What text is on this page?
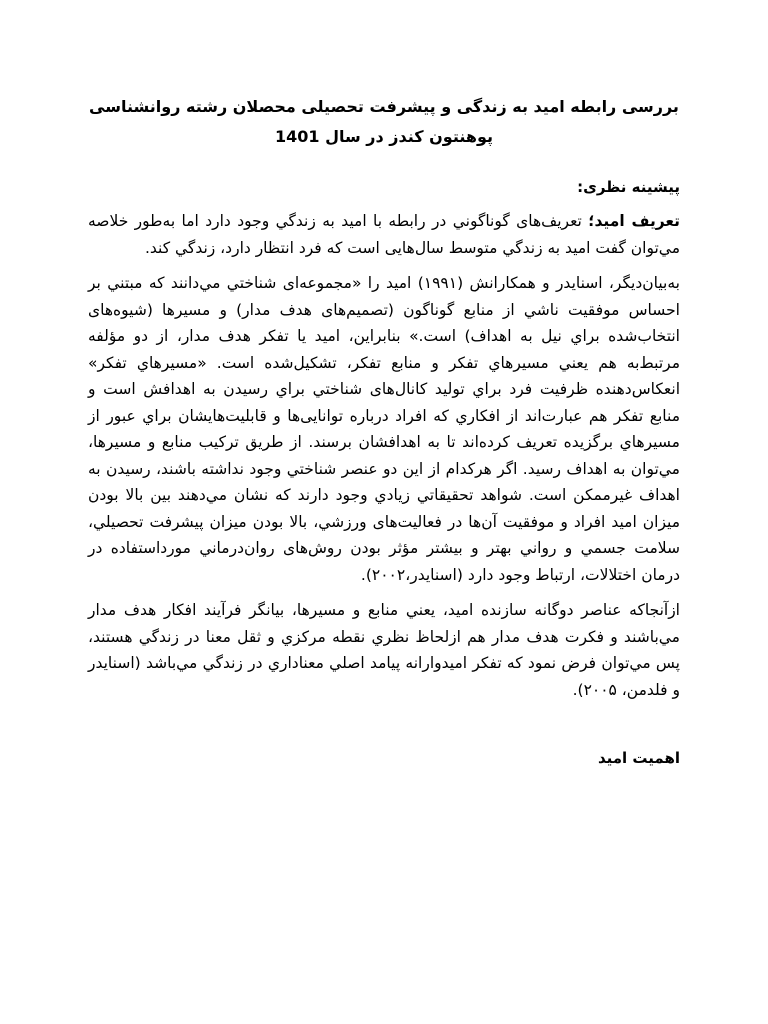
بررسی رابطه امید به زندگی و پیشرفت تحصیلی محصلان رشته روانشناسی پوهنتون کندز در سال 1401
پیشینه نظری:

تعریف امید؛ تعریف‌های گوناگوني در رابطه با امید به زندگي وجود دارد اما به‌طور خلاصه مي‌توان گفت امید به زندگي متوسط سال‌هایی است که فرد انتظار دارد، زندگي کند.

به‌بیان‌دیگر، اسنایدر و همکارانش (۱۹۹۱) امید را «مجموعه‌ای شناختي مي‌دانند که مبتني بر احساس موفقیت ناشي از منابع گوناگون (تصمیم‌های هدف مدار) و مسیرها (شیوه‌های انتخاب‌شده براي نیل به اهداف) است.» بنابراین، امید یا تفکر هدف مدار، از دو مؤلفه مرتبط‌به هم یعني مسیرهاي تفکر و منابع تفکر، تشکیل‌شده است. «مسیرهاي تفکر» انعکاس‌دهنده ظرفیت فرد براي تولید کانال‌های شناختي براي رسیدن به اهدافش است و منابع تفکر هم عبارت‌اند از افکاري که افراد درباره توانایی‌ها و قابلیت‌هایشان براي عبور از مسیرهاي برگزیده تعریف کرده‌اند تا به اهدافشان برسند. از طریق ترکیب منابع و مسیرها، مي‌توان به اهداف رسید. اگر هرکدام از این دو عنصر شناختي وجود نداشته باشند، رسیدن به اهداف غیرممکن است. شواهد تحقیقاتي زیادي وجود دارند که نشان مي‌دهند بین بالا بودن میزان امید افراد و موفقیت آن‌ها در فعالیت‌های ورزشي، بالا بودن میزان پیشرفت تحصیلي، سلامت جسمي و رواني بهتر و بیشتر مؤثر بودن روش‌های روان‌درماني مورداستفاده در درمان اختلالات، ارتباط وجود دارد (اسنایدر،۲۰۰۲).

ازآنجاکه عناصر دوگانه سازنده امید، یعني منابع و مسیرها، بیانگر فرآیند افکار هدف مدار مي‌باشند و فکرت هدف مدار هم ازلحاظ نظري نقطه مرکزي و ثقل معنا در زندگي هستند، پس مي‌توان فرض نمود که تفکر امیدوارانه پیامد اصلي معناداري در زندگي مي‌باشد (اسنایدر و فلدمن، ۲۰۰۵).

اهمیت امید
